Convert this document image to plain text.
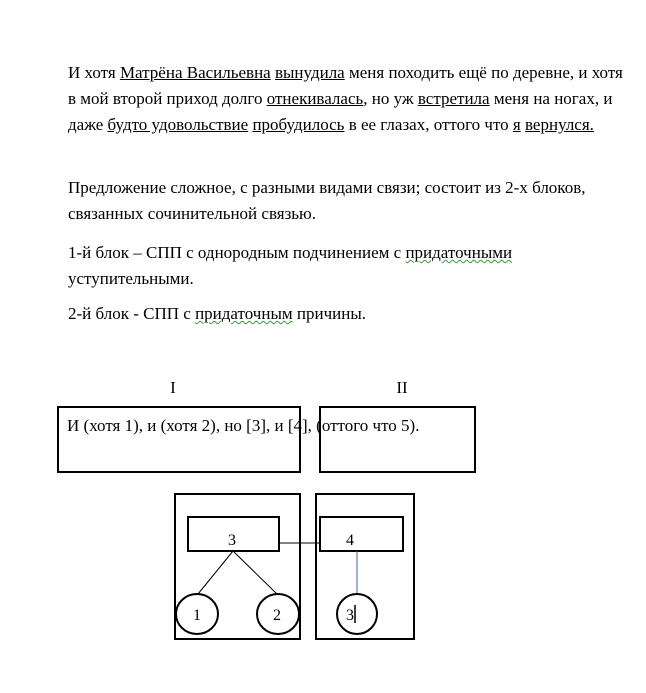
И хотя Матрёна Васильевна вынудила меня походить ещё по деревне, и хотя в мой второй приход долго отнекивалась, но уж встретила меня на ногах, и даже будто удовольствие пробудилось в ее глазах, оттого что я вернулся.

Предложение сложное, с разными видами связи; состоит из 2-х блоков, связанных сочинительной связью.

1-й блок – СПП с однородным подчинением с придаточными уступительными.

2-й блок - СПП с придаточным причины.

I	II
И (хотя 1), и (хотя 2), но [3], и [4], (оттого что 5).
3	4
1	2	3
